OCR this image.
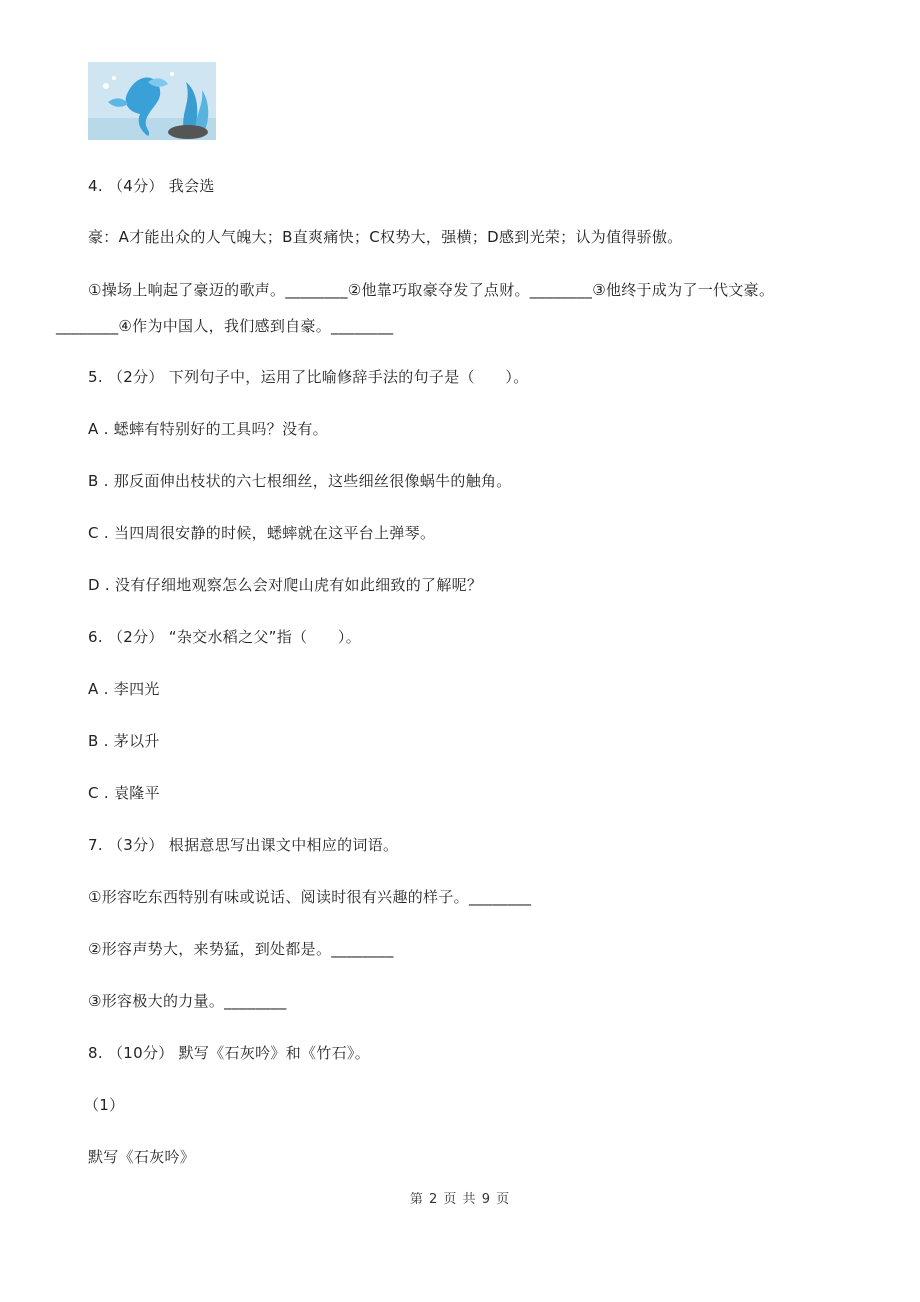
4. （4分） 我会选
豪：A才能出众的人气魄大；B直爽痛快；C权势大，强横；D感到光荣；认为值得骄傲。
①操场上响起了豪迈的歌声。________②他靠巧取豪夺发了点财。________③他终于成为了一代文豪。
________④作为中国人，我们感到自豪。________
5. （2分） 下列句子中，运用了比喻修辞手法的句子是（　　）。
A . 蟋蟀有特别好的工具吗？没有。
B . 那反面伸出枝状的六七根细丝，这些细丝很像蜗牛的触角。
C . 当四周很安静的时候，蟋蟀就在这平台上弹琴。
D . 没有仔细地观察怎么会对爬山虎有如此细致的了解呢？
6. （2分） “杂交水稻之父”指（　　）。
A . 李四光
B . 茅以升
C . 袁隆平
7. （3分） 根据意思写出课文中相应的词语。
①形容吃东西特别有味或说话、阅读时很有兴趣的样子。________
②形容声势大，来势猛，到处都是。________
③形容极大的力量。________
8. （10分） 默写《石灰吟》和《竹石》。
（1）
默写《石灰吟》
第 2 页 共 9 页
